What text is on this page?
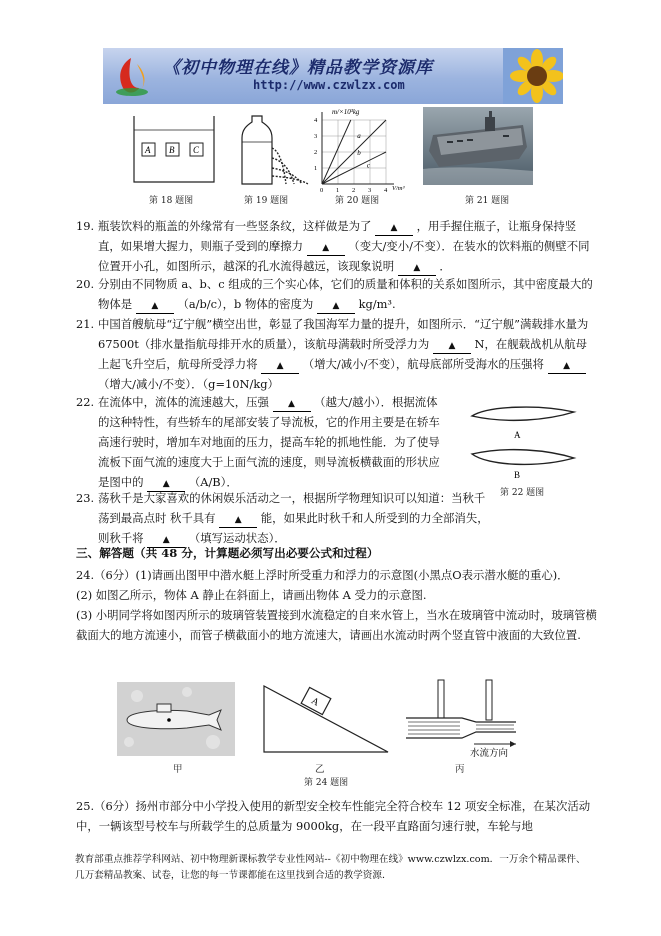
《初中物理在线》精品教学资源库
http://www.czwlzx.com
A B C
第 18 题图	第 19 题图
m/×10³kg
V/m³
0 1 2 3 4
1
2
3
4
a
b
c
第 20 题图	第 21 题图
19. 瓶装饮料的瓶盖的外缘常有一些竖条纹，这样做是为了 ▲ ，用手握住瓶子，让瓶身保持竖直，如果增大握力，则瓶子受到的摩擦力 ▲ （变大/变小/不变）．在装水的饮料瓶的侧壁不同位置开小孔，如图所示，越深的孔水流得越远，该现象说明 ▲ ．
20. 分别由不同物质 a、b、c 组成的三个实心体，它们的质量和体积的关系如图所示，其中密度最大的物体是 ▲ （a/b/c），b 物体的密度为 ▲ kg/m³.
21. 中国首艘航母“辽宁舰”横空出世，彰显了我国海军力量的提升，如图所示．“辽宁舰”满载排水量为 67500t（排水量指航母排开水的质量），该航母满载时所受浮力为 ▲ N，在舰载战机从航母上起飞升空后，航母所受浮力将 ▲ （增大/减小/不变），航母底部所受海水的压强将 ▲ （增大/减小/不变）．（g=10N/kg）
22. 在流体中，流体的流速越大，压强 ▲ （越大/越小）．根据流体的这种特性，有些轿车的尾部安装了导流板，它的作用主要是在轿车高速行驶时，增加车对地面的压力，提高车轮的抓地性能．为了使导流板下面气流的速度大于上面气流的速度，则导流板横截面的形状应是图中的 ▲ （A/B）．
A
B
第 22 题图
23. 荡秋千是大家喜欢的休闲娱乐活动之一，根据所学物理知识可以知道：当秋千荡到最高点时 秋千具有 ▲ 能，如果此时秋千和人所受到的力全部消失，则秋千将 ▲ （填写运动状态）．
三、解答题（共 48 分，计算题必须写出必要公式和过程）
24.（6分）(1)请画出图甲中潜水艇上浮时所受重力和浮力的示意图(小黑点O表示潜水艇的重心)．
(2) 如图乙所示，物体 A 静止在斜面上，请画出物体 A 受力的示意图.
(3) 小明同学将如图丙所示的玻璃管装置接到水流稳定的自来水管上，当水在玻璃管中流动时，玻璃管横截面大的地方流速小，而管子横截面小的地方流速大，请画出水流动时两个竖直管中液面的大致位置.
甲
A
乙
水流方向
丙
第 24 题图
25.（6分）扬州市部分中小学投入使用的新型安全校车性能完全符合校车 12 项安全标准，在某次活动中，一辆该型号校车与所载学生的总质量为 9000kg，在一段平直路面匀速行驶，车轮与地
教育部重点推荐学科网站、初中物理新课标教学专业性网站--《初中物理在线》www.czwlzx.com．一万余个精品课件、几万套精品教案、试卷，让您的每一节课都能在这里找到合适的教学资源．
